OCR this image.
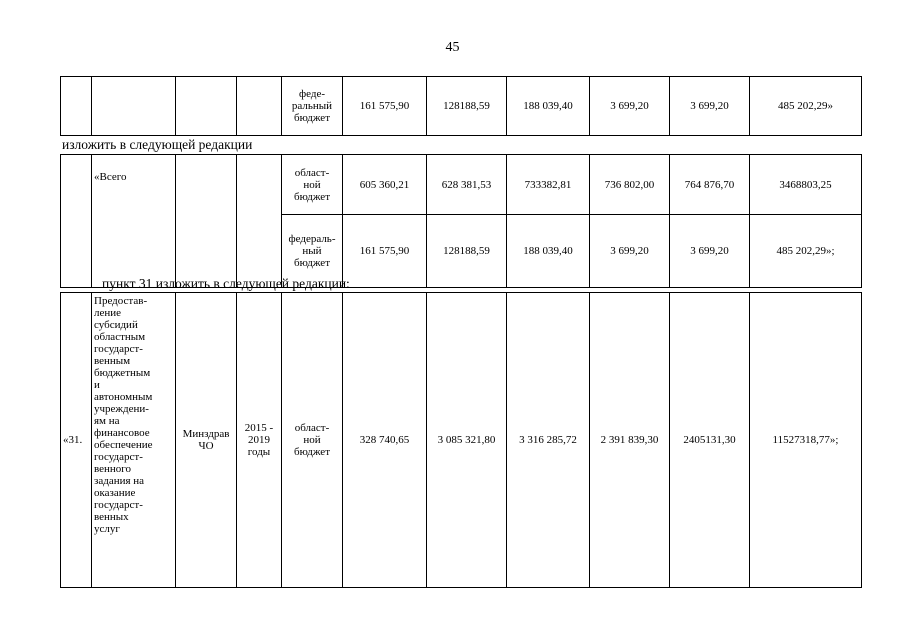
45
				феде-
ральный
бюджет	161 575,90	128188,59	188 039,40	3 699,20	3 699,20	485 202,29»
изложить в следующей редакции

	«Всего			област-
ной
бюджет	605 360,21	628 381,53	733382,81	736 802,00	764 876,70	3468803,25
				федераль-
ный
бюджет	161 575,90	128188,59	188 039,40	3 699,20	3 699,20	485 202,29»;
пункт 31 изложить в следующей редакции:
«31.	Предостав-
ление
субсидий
областным
государст-
венным
бюджетным
и
автономным
учреждени-
ям на
финансовое
обеспечение
государст-
венного
задания на
оказание
государст-
венных
услуг	Минздрав
ЧО	2015 -
2019
годы	област-
ной
бюджет	328 740,65	3 085 321,80	3 316 285,72	2 391 839,30	2405131,30	11527318,77»;
